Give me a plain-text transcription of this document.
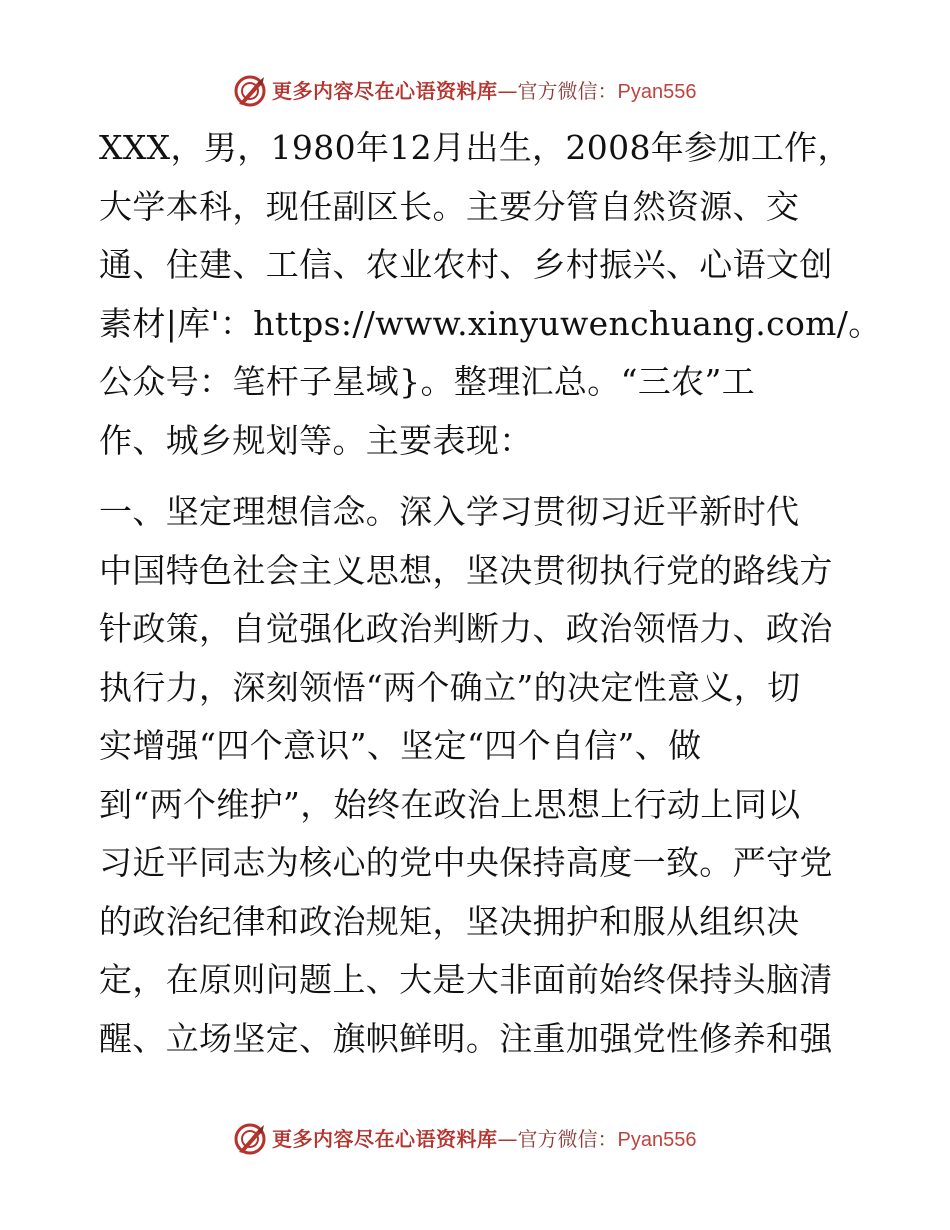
更多内容尽在心语资料库—官方微信：Pyan556
XXX，男，1980年12月出生，2008年参加工作，
大学本科，现任副区长。主要分管自然资源、交
通、住建、工信、农业农村、乡村振兴、心语文创
素材|库'：https://www.xinyuwenchuang.com/。
公众号：笔杆子星域}。整理汇总。“三农”工
作、城乡规划等。主要表现：
一、坚定理想信念。深入学习贯彻习近平新时代
中国特色社会主义思想，坚决贯彻执行党的路线方
针政策，自觉强化政治判断力、政治领悟力、政治
执行力，深刻领悟“两个确立”的决定性意义，切
实增强“四个意识”、坚定“四个自信”、做
到“两个维护”，始终在政治上思想上行动上同以
习近平同志为核心的党中央保持高度一致。严守党
的政治纪律和政治规矩，坚决拥护和服从组织决
定，在原则问题上、大是大非面前始终保持头脑清
醒、立场坚定、旗帜鲜明。注重加强党性修养和强
更多内容尽在心语资料库—官方微信：Pyan556
